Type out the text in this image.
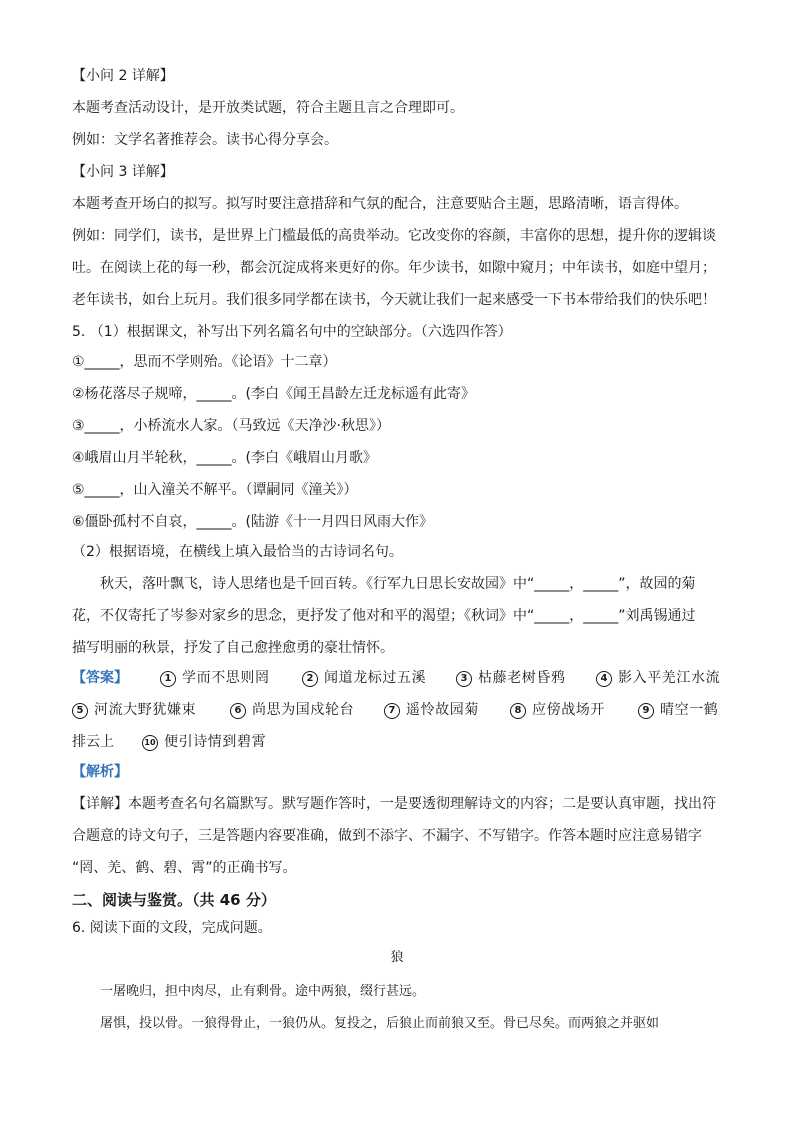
【小问 2 详解】
本题考查活动设计，是开放类试题，符合主题且言之合理即可。
例如：文学名著推荐会。读书心得分享会。
【小问 3 详解】
本题考查开场白的拟写。拟写时要注意措辞和气氛的配合，注意要贴合主题，思路清晰，语言得体。
例如：同学们，读书，是世界上门槛最低的高贵举动。它改变你的容颜，丰富你的思想，提升你的逻辑谈
吐。在阅读上花的每一秒，都会沉淀成将来更好的你。年少读书，如隙中窥月；中年读书，如庭中望月；
老年读书，如台上玩月。我们很多同学都在读书，今天就让我们一起来感受一下书本带给我们的快乐吧！
5. （1）根据课文，补写出下列名篇名句中的空缺部分。（六选四作答）
①_____，思而不学则殆。《论语》十二章）
②杨花落尽子规啼，_____。(李白《闻王昌龄左迁龙标遥有此寄》
③_____，小桥流水人家。（马致远《天净沙·秋思》）
④峨眉山月半轮秋，_____。(李白《峨眉山月歌》
⑤_____，山入潼关不解平。（谭嗣同《潼关》）
⑥僵卧孤村不自哀，_____。(陆游《十一月四日风雨大作》
（2）根据语境，在横线上填入最恰当的古诗词名句。
秋天，落叶飘飞，诗人思绪也是千回百转。《行军九日思长安故园》中“_____，_____”，故园的菊
花，不仅寄托了岑参对家乡的思念，更抒发了他对和平的渴望；《秋词》中“_____，_____”刘禹锡通过
描写明丽的秋景，抒发了自己愈挫愈勇的豪壮情怀。
【答案】	1 学而不思则罔	2 闻道龙标过五溪	3 枯藤老树昏鸦	4 影入平羌江水流
5 河流大野犹嫌束	6 尚思为国戍轮台	7 遥怜故园菊	8 应傍战场开	9 晴空一鹤
排云上	10 便引诗情到碧霄
【解析】
【详解】本题考查名句名篇默写。默写题作答时，一是要透彻理解诗文的内容；二是要认真审题，找出符
合题意的诗文句子，三是答题内容要准确，做到不添字、不漏字、不写错字。作答本题时应注意易错字
“罔、羌、鹤、碧、霄”的正确书写。
二、阅读与鉴赏。（共 46 分）
6. 阅读下面的文段，完成问题。
狼
一屠晚归，担中肉尽，止有剩骨。途中两狼，缀行甚远。
屠惧，投以骨。一狼得骨止，一狼仍从。复投之，后狼止而前狼又至。骨已尽矣。而两狼之并驱如
